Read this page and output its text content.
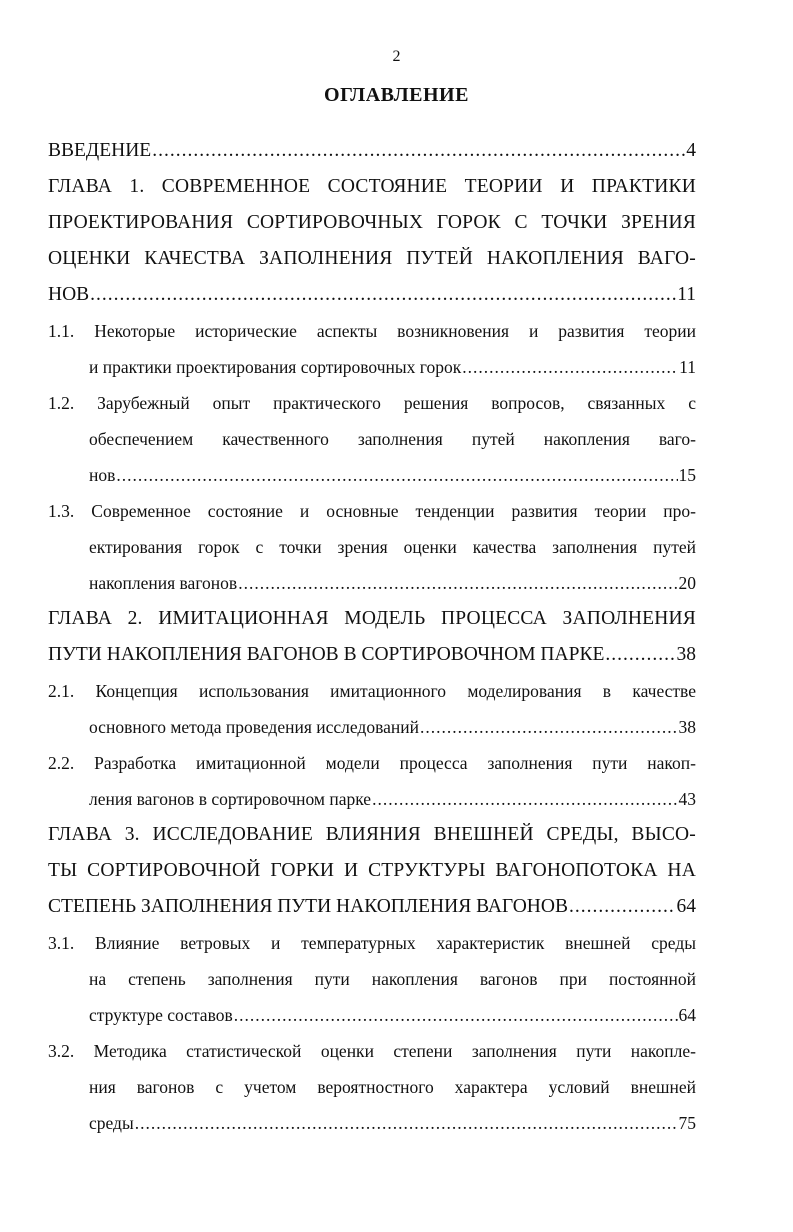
2
ОГЛАВЛЕНИЕ
ВВЕДЕНИЕ .....	4
ГЛАВА 1. СОВРЕМЕННОЕ СОСТОЯНИЕ ТЕОРИИ И ПРАКТИКИ
ПРОЕКТИРОВАНИЯ СОРТИРОВОЧНЫХ ГОРОК С ТОЧКИ ЗРЕНИЯ
ОЦЕНКИ КАЧЕСТВА ЗАПОЛНЕНИЯ ПУТЕЙ НАКОПЛЕНИЯ ВАГО-
НОВ .....	11
1.1. Некоторые исторические аспекты возникновения и развития теории
и практики проектирования сортировочных горок .....	11
1.2. Зарубежный опыт практического решения вопросов, связанных с
обеспечением качественного заполнения путей накопления ваго-
нов .....	15
1.3. Современное состояние и основные тенденции развития теории про-
ектирования горок с точки зрения оценки качества заполнения путей
накопления вагонов .....	20
ГЛАВА 2. ИМИТАЦИОННАЯ МОДЕЛЬ ПРОЦЕССА ЗАПОЛНЕНИЯ
ПУТИ НАКОПЛЕНИЯ ВАГОНОВ В СОРТИРОВОЧНОМ ПАРКЕ .....	38
2.1. Концепция использования имитационного моделирования в качестве
основного метода проведения исследований .....	38
2.2. Разработка имитационной модели процесса заполнения пути накоп-
ления вагонов в сортировочном парке .....	43
ГЛАВА 3. ИССЛЕДОВАНИЕ ВЛИЯНИЯ ВНЕШНЕЙ СРЕДЫ, ВЫСО-
ТЫ СОРТИРОВОЧНОЙ ГОРКИ И СТРУКТУРЫ ВАГОНОПОТОКА НА
СТЕПЕНЬ ЗАПОЛНЕНИЯ ПУТИ НАКОПЛЕНИЯ ВАГОНОВ .....	64
3.1. Влияние ветровых и температурных характеристик внешней среды
на степень заполнения пути накопления вагонов при постоянной
структуре составов .....	64
3.2. Методика статистической оценки степени заполнения пути накопле-
ния вагонов с учетом вероятностного характера условий внешней
среды .....	75
